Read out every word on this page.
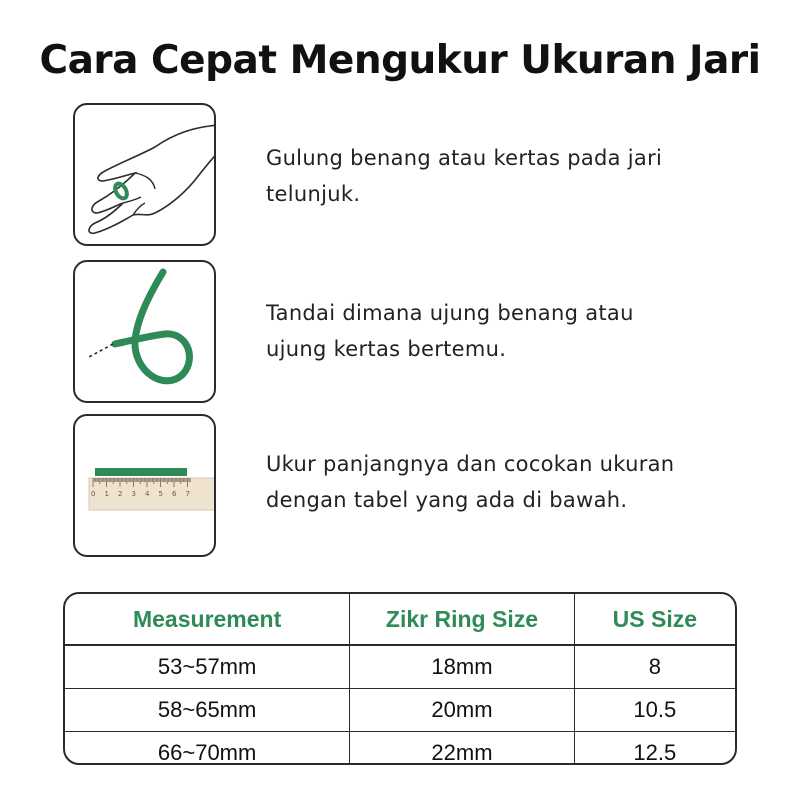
Cara Cepat Mengukur Ukuran Jari
Gulung benang atau kertas pada jari
telunjuk.
Tandai dimana ujung benang atau
ujung kertas bertemu.
0 1 2 3 4 5 6 7
Ukur panjangnya dan cocokan ukuran
dengan tabel yang ada di bawah.
Measurement	Zikr Ring Size	US Size
53~57mm	18mm	8
58~65mm	20mm	10.5
66~70mm	22mm	12.5
